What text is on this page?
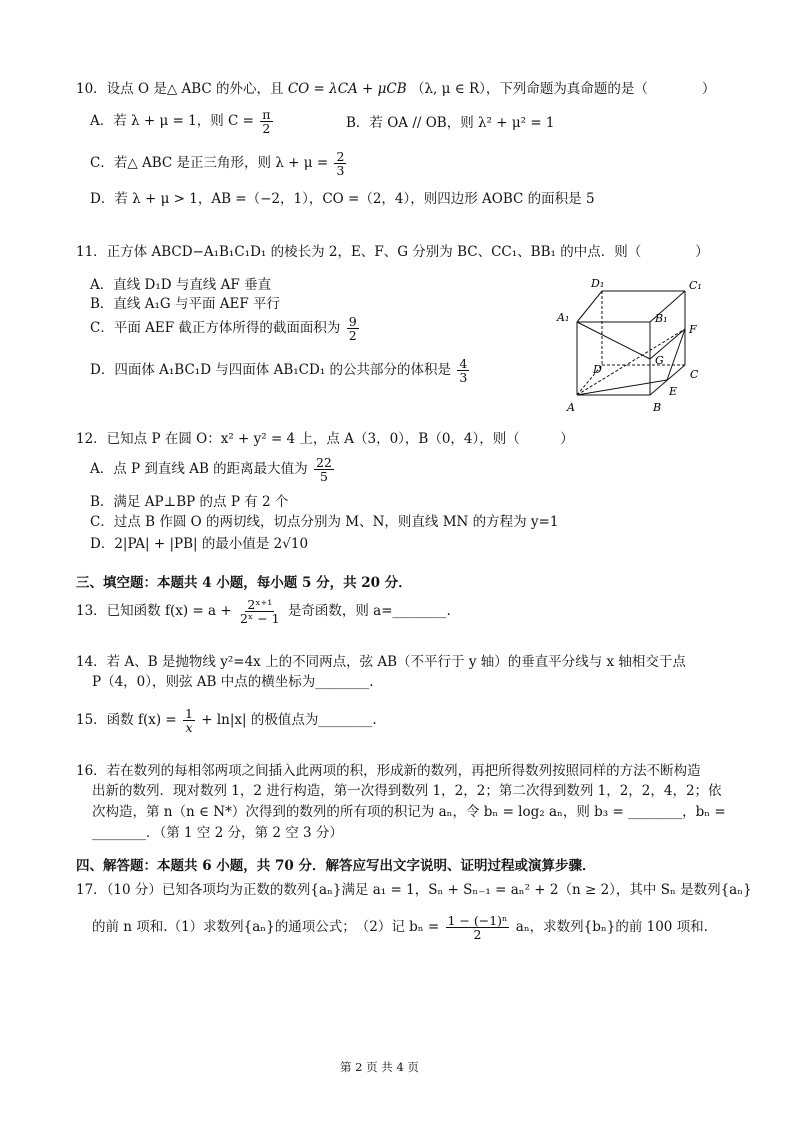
10．设点 O 是△ ABC 的外心，且 CO = λCA + μCB （λ, μ ∈ R），下列命题为真命题的是（　　　　）
A．若 λ + μ = 1，则 $C = \frac{\pi}{2}$	B．若 OA // OB，则 λ² + μ² = 1
C．若△ ABC 是正三角形，则 $\lambda + \mu = \frac{2}{3}$
D．若 λ + μ > 1，AB =（−2，1），CO =（2，4），则四边形 AOBC 的面积是 5
11．正方体 ABCD−A₁B₁C₁D₁ 的棱长为 2，E、F、G 分别为 BC、CC₁、BB₁ 的中点．则（　　　　）
A．直线 D₁D 与直线 AF 垂直
B．直线 A₁G 与平面 AEF 平行
C．平面 AEF 截正方体所得的截面面积为 $\frac{9}{2}$
D．四面体 A₁BC₁D 与四面体 AB₁CD₁ 的公共部分的体积是 $\frac{4}{3}$
D₁	C₁
A₁	B₁
F
G
D	C
E
A	B
12．已知点 P 在圆 O：x² + y² = 4 上，点 A（3，0），B（0，4），则（　　　）
A．点 P 到直线 AB 的距离最大值为 $\frac{22}{5}$
B．满足 AP⊥BP 的点 P 有 2 个
C．过点 B 作圆 O 的两切线，切点分别为 M、N，则直线 MN 的方程为 y=1
D．2|PA| + |PB| 的最小值是 2√10
三、填空题：本题共 4 小题，每小题 5 分，共 20 分．
13．已知函数 $f(x) = a + \frac{\text{2ˣ⁺¹}}{\text{2ˣ − 1}}$ 是奇函数，则 a=________.
14．若 A、B 是抛物线 y²=4x 上的不同两点，弦 AB（不平行于 y 轴）的垂直平分线与 x 轴相交于点
P（4，0），则弦 AB 中点的横坐标为________.
15．函数 $f(x) = \frac{1}{x} + \ln|x|$ 的极值点为________.
16．若在数列的每相邻两项之间插入此两项的积，形成新的数列，再把所得数列按照同样的方法不断构造
出新的数列．现对数列 1，2 进行构造，第一次得到数列 1，2，2；第二次得到数列 1，2，2，4，2；依
次构造，第 n（n ∈ N*）次得到的数列的所有项的积记为 aₙ，令 bₙ = log₂ aₙ，则 b₃ = ________，bₙ =
________．（第 1 空 2 分，第 2 空 3 分）
四、解答题：本题共 6 小题，共 70 分．解答应写出文字说明、证明过程或演算步骤．
17．（10 分）已知各项均为正数的数列{aₙ}满足 a₁ = 1，Sₙ + Sₙ₋₁ = aₙ² + 2（n ≥ 2），其中 Sₙ 是数列{aₙ}
的前 n 项和.（1）求数列{aₙ}的通项公式；　（2）记 $b_n = \frac{\text{1 − (−1)ⁿ}}{2}$ aₙ，求数列{bₙ}的前 100 项和.
第 2 页 共 4 页
